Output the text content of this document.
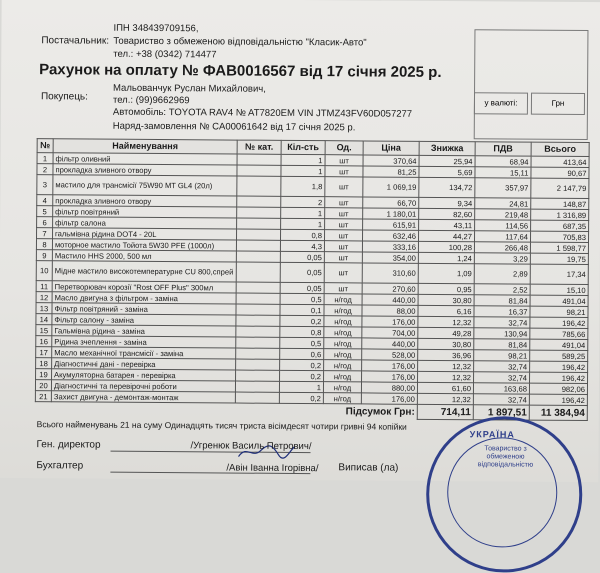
ІПН 348439709156,
Постачальник: Товариство з обмеженою відповідальністю "Класик-Авто"
тел.: +38 (0342) 714477
Рахунок на оплату № ФАВ0016567 від 17 січня 2025 р.
Мальованчук Руслан Михайлович,
Покупець:	тел.: (99)9662969
Автомобіль: TOYOTA RAV4 № AT7820EM VIN JTMZ43FV60D057277
Наряд-замовлення № CA00061642 від 17 січня 2025 р.
у валюті:	Грн
№	Найменування	№ кат.	Кіл-сть	Од.	Ціна	Знижка	ПДВ	Всього
1	фільтр оливний		1	шт	370,64	25,94	68,94	413,64
2	прокладка зливного отвору		1	шт	81,25	5,69	15,11	90,67
3	мастило для трансмісії 75W90 MT GL4 (20л)		1,8	шт	1 069,19	134,72	357,97	2 147,79
4	прокладка зливного отвору		2	шт	66,70	9,34	24,81	148,87
5	фільтр повітряний		1	шт	1 180,01	82,60	219,48	1 316,89
6	фільтр салона		1	шт	615,91	43,11	114,56	687,35
7	гальмівна рідина DOT4 - 20L		0,8	шт	632,46	44,27	117,64	705,83
8	моторное мастило Тойота 5W30 PFE (1000л)		4,3	шт	333,16	100,28	266,48	1 598,77
9	Мастило HHS 2000, 500 мл		0,05	шт	354,00	1,24	3,29	19,75
10	Мідне мастило високотемпературне CU 800,спрей		0,05	шт	310,60	1,09	2,89	17,34
11	Перетворювач корозії "Rost OFF Plus" 300мл		0,05	шт	270,60	0,95	2,52	15,10
12	Масло двигуна з фільтром - заміна		0,5	н/год	440,00	30,80	81,84	491,04
13	Фільтр повітряний - заміна		0,1	н/год	88,00	6,16	16,37	98,21
14	Фільтр салону - заміна		0,2	н/год	176,00	12,32	32,74	196,42
15	Гальмівна рідина - заміна		0,8	н/год	704,00	49,28	130,94	785,66
16	Рідина зчеплення - заміна		0,5	н/год	440,00	30,80	81,84	491,04
17	Масло механічної трансмісії - заміна		0,6	н/год	528,00	36,96	98,21	589,25
18	Діагностичні дані - перевірка		0,2	н/год	176,00	12,32	32,74	196,42
19	Акумуляторна батарея - перевірка		0,2	н/год	176,00	12,32	32,74	196,42
20	Діагностичні та перевірочні роботи		1	н/год	880,00	61,60	163,68	982,06
21	Захист двигуна - демонтаж-монтаж		0,2	н/год	176,00	12,32	32,74	196,42
Підсумок Грн:						714,11	1 897,51	11 384,94
Всього найменувань 21 на суму Одинадцять тисяч триста вісімдесят чотири гривні 94 копійки
Ген. директор	/Угренюк Василь Петрович/
Бухгалтер	/Авін Іванна Ігорівна/ Виписав (ла)
УКРАЇНА
Товариство з обмеженою відповідальністю
